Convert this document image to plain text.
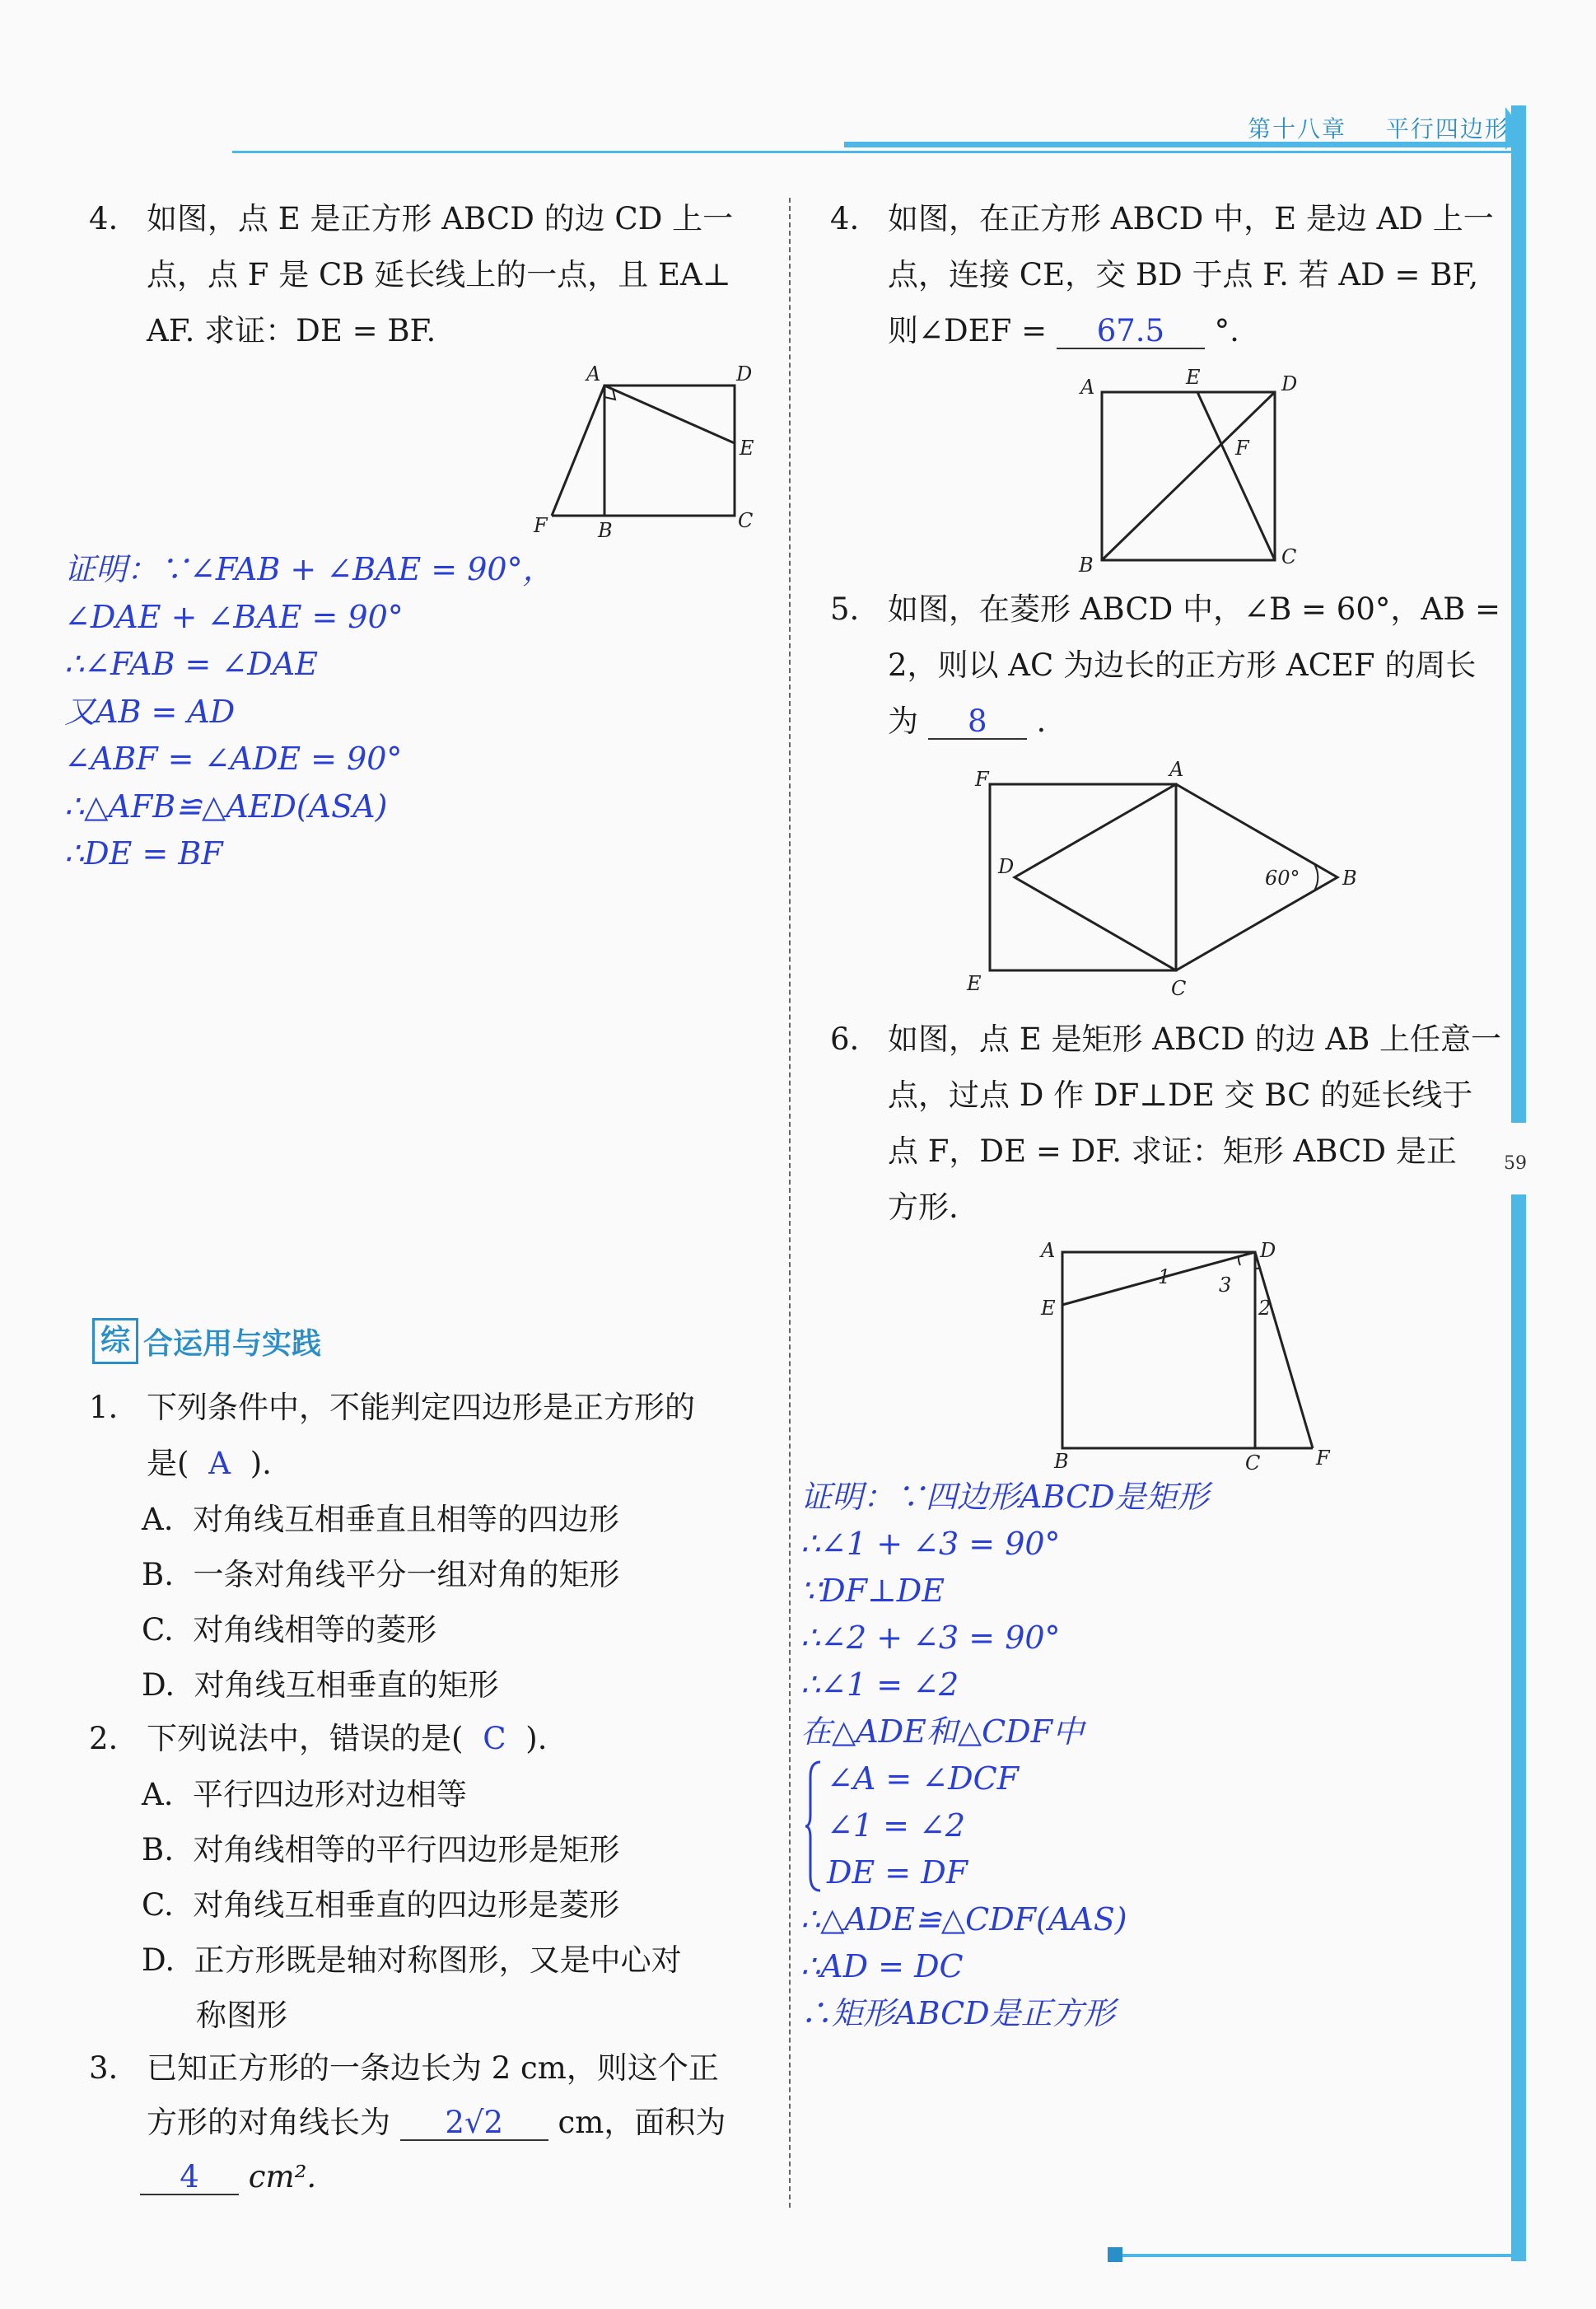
第十八章 平行四边形
59
4. 如图，点 E 是正方形 ABCD 的边 CD 上一
点，点 F 是 CB 延长线上的一点，且 EA⊥
AF. 求证：DE = BF.
A	D
E
F	B	C
证明：∵∠FAB + ∠BAE = 90°，
∠DAE + ∠BAE = 90°
∴∠FAB = ∠DAE
又AB = AD
∠ABF = ∠ADE = 90°
∴△AFB≌△AED(ASA)
∴DE = BF
综 合运用与实践
1. 下列条件中，不能判定四边形是正方形的
是( A ).
A. 对角线互相垂直且相等的四边形
B. 一条对角线平分一组对角的矩形
C. 对角线相等的菱形
D. 对角线互相垂直的矩形
2. 下列说法中，错误的是( C ).
A. 平行四边形对边相等
B. 对角线相等的平行四边形是矩形
C. 对角线互相垂直的四边形是菱形
D. 正方形既是轴对称图形，又是中心对
称图形
3. 已知正方形的一条边长为 2 cm，则这个正
方形的对角线长为 2√2 cm，面积为
4 cm².
4. 如图，在正方形 ABCD 中，E 是边 AD 上一
点，连接 CE，交 BD 于点 F. 若 AD = BF,
则∠DEF = 67.5 °.
A	E	D
F
B	C
5. 如图，在菱形 ABCD 中，∠B = 60°，AB =
2，则以 AC 为边长的正方形 ACEF 的周长
为 8 .
F	A
D	B
E	C
60°
6. 如图，点 E 是矩形 ABCD 的边 AB 上任意一
点，过点 D 作 DF⊥DE 交 BC 的延长线于
点 F，DE = DF. 求证：矩形 ABCD 是正
方形.
A	D
E
B	C	F
1
2
3
证明：∵四边形ABCD是矩形
∴∠1 + ∠3 = 90°
∵DF⊥DE
∴∠2 + ∠3 = 90°
∴∠1 = ∠2
在△ADE和△CDF中
∠A = ∠DCF
∠1 = ∠2
DE = DF
∴△ADE≌△CDF(AAS)
∴AD = DC
∴矩形ABCD是正方形
